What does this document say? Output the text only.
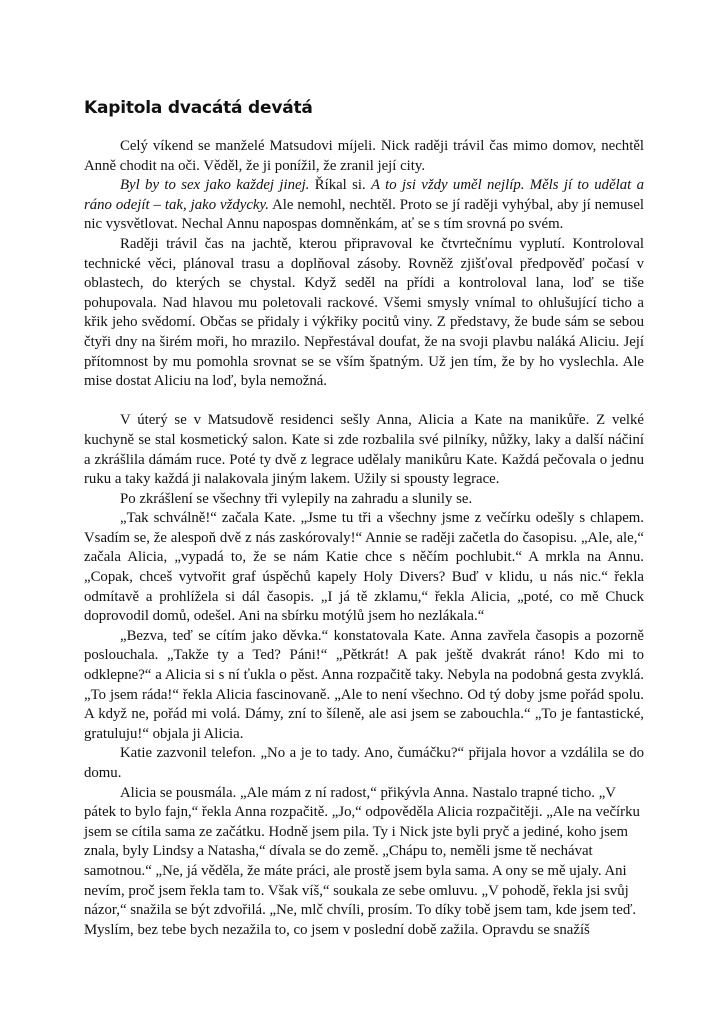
Kapitola dvacátá devátá

Celý víkend se manželé Matsudovi míjeli. Nick raději trávil čas mimo domov, nechtěl Anně chodit na oči. Věděl, že ji ponížil, že zranil její city.

Byl by to sex jako každej jinej. Říkal si. A to jsi vždy uměl nejlíp. Měls jí to udělat a ráno odejít – tak, jako vždycky. Ale nemohl, nechtěl. Proto se jí raději vyhýbal, aby jí nemusel nic vysvětlovat. Nechal Annu napospas domněnkám, ať se s tím srovná po svém.

Raději trávil čas na jachtě, kterou připravoval ke čtvrtečnímu vyplutí. Kontroloval technické věci, plánoval trasu a doplňoval zásoby. Rovněž zjišťoval předpověď počasí v oblastech, do kterých se chystal. Když seděl na přídi a kontroloval lana, loď se tiše pohupovala. Nad hlavou mu poletovali rackové. Všemi smysly vnímal to ohlušující ticho a křik jeho svědomí. Občas se přidaly i výkřiky pocitů viny. Z představy, že bude sám se sebou čtyři dny na širém moři, ho mrazilo. Nepřestával doufat, že na svoji plavbu naláká Aliciu. Její přítomnost by mu pomohla srovnat se se vším špatným. Už jen tím, že by ho vyslechla. Ale mise dostat Aliciu na loď, byla nemožná.

V úterý se v Matsudově residenci sešly Anna, Alicia a Kate na manikůře. Z velké kuchyně se stal kosmetický salon. Kate si zde rozbalila své pilníky, nůžky, laky a další náčiní a zkrášlila dámám ruce. Poté ty dvě z legrace udělaly manikůru Kate. Každá pečovala o jednu ruku a taky každá ji nalakovala jiným lakem. Užily si spousty legrace.

Po zkrášlení se všechny tři vylepily na zahradu a slunily se.

„Tak schválně!“ začala Kate. „Jsme tu tři a všechny jsme z večírku odešly s chlapem. Vsadím se, že alespoň dvě z nás zaskórovaly!“ Annie se raději začetla do časopisu. „Ale, ale,“ začala Alicia, „vypadá to, že se nám Katie chce s něčím pochlubit.“ A mrkla na Annu. „Copak, chceš vytvořit graf úspěchů kapely Holy Divers? Buď v klidu, u nás nic.“ řekla odmítavě a prohlížela si dál časopis. „I já tě zklamu,“ řekla Alicia, „poté, co mě Chuck doprovodil domů, odešel. Ani na sbírku motýlů jsem ho nezlákala.“

„Bezva, teď se cítím jako děvka.“ konstatovala Kate. Anna zavřela časopis a pozorně poslouchala. „Takže ty a Ted? Páni!“ „Pětkrát! A pak ještě dvakrát ráno! Kdo mi to odklepne?“ a Alicia si s ní ťukla o pěst. Anna rozpačitě taky. Nebyla na podobná gesta zvyklá. „To jsem ráda!“ řekla Alicia fascinovaně. „Ale to není všechno. Od tý doby jsme pořád spolu. A když ne, pořád mi volá. Dámy, zní to šíleně, ale asi jsem se zabouchla.“ „To je fantastické, gratuluju!“ objala ji Alicia.

Katie zazvonil telefon. „No a je to tady. Ano, čumáčku?“ přijala hovor a vzdálila se do domu.

Alicia se pousmála. „Ale mám z ní radost,“ přikývla Anna. Nastalo trapné ticho. „V pátek to bylo fajn,“ řekla Anna rozpačitě. „Jo,“ odpověděla Alicia rozpačitěji. „Ale na večírku jsem se cítila sama ze začátku. Hodně jsem pila. Ty i Nick jste byli pryč a jediné, koho jsem znala, byly Lindsy a Natasha,“ dívala se do země. „Chápu to, neměli jsme tě nechávat samotnou.“ „Ne, já věděla, že máte práci, ale prostě jsem byla sama. A ony se mě ujaly. Ani nevím, proč jsem řekla tam to. Však víš,“ soukala ze sebe omluvu. „V pohodě, řekla jsi svůj názor,“ snažila se být zdvořilá. „Ne, mlč chvíli, prosím. To díky tobě jsem tam, kde jsem teď. Myslím, bez tebe bych nezažila to, co jsem v poslední době zažila. Opravdu se snažíš
